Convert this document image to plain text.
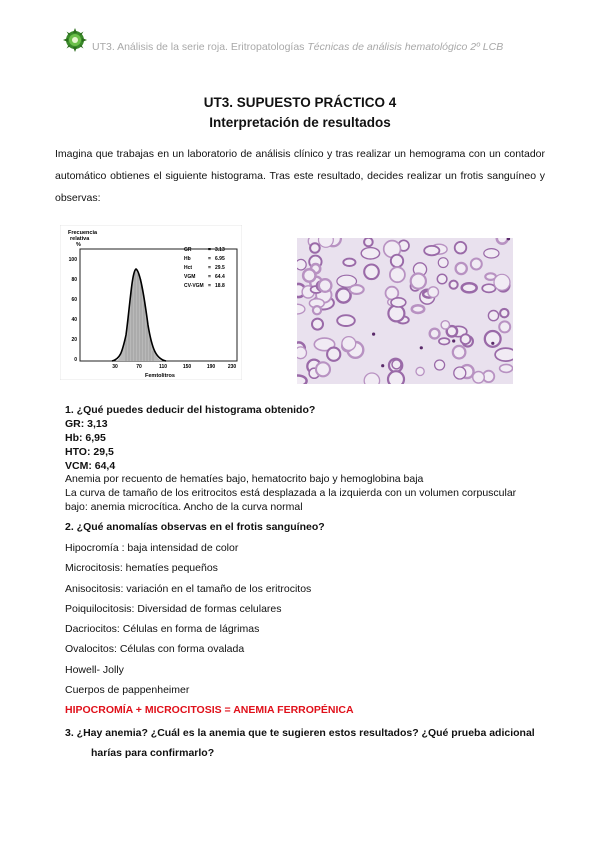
UT3. Análisis de la serie roja. Eritropatologías Técnicas de análisis hematológico 2º LCB
UT3. SUPUESTO PRÁCTICO 4
Interpretación de resultados
Imagina que trabajas en un laboratorio de análisis clínico y tras realizar un hemograma con un contador automático obtienes el siguiente histograma. Tras este resultado, decides realizar un frotis sanguíneo y observas:
Frecuencia
relativa
%
100
80
60
40
20
0
GR	= 3.13
Hb	= 6.95
Hct	= 29.5
VGM	= 64.4
CV-VGM = 18.8
30	70	110	150	190	230
Femtolitros
1. ¿Qué puedes deducir del histograma obtenido?
GR: 3,13
Hb: 6,95
HTO: 29,5
VCM: 64,4
Anemia por recuento de hematíes bajo, hematocrito bajo y hemoglobina baja
La curva de tamaño de los eritrocitos está desplazada a la izquierda con un volumen corpuscular
bajo: anemia microcítica. Ancho de la curva normal
2. ¿Qué anomalías observas en el frotis sanguíneo?
Hipocromía : baja intensidad de color
Microcitosis: hematíes pequeños
Anisocitosis: variación en el tamaño de los eritrocitos
Poiquilocitosis: Diversidad de formas celulares
Dacriocitos: Células en forma de lágrimas
Ovalocitos: Células con forma ovalada
Howell- Jolly
Cuerpos de pappenheimer
HIPOCROMÍA + MICROCITOSIS = ANEMIA FERROPÉNICA
3. ¿Hay anemia? ¿Cuál es la anemia que te sugieren estos resultados? ¿Qué prueba adicional
harías para confirmarlo?
